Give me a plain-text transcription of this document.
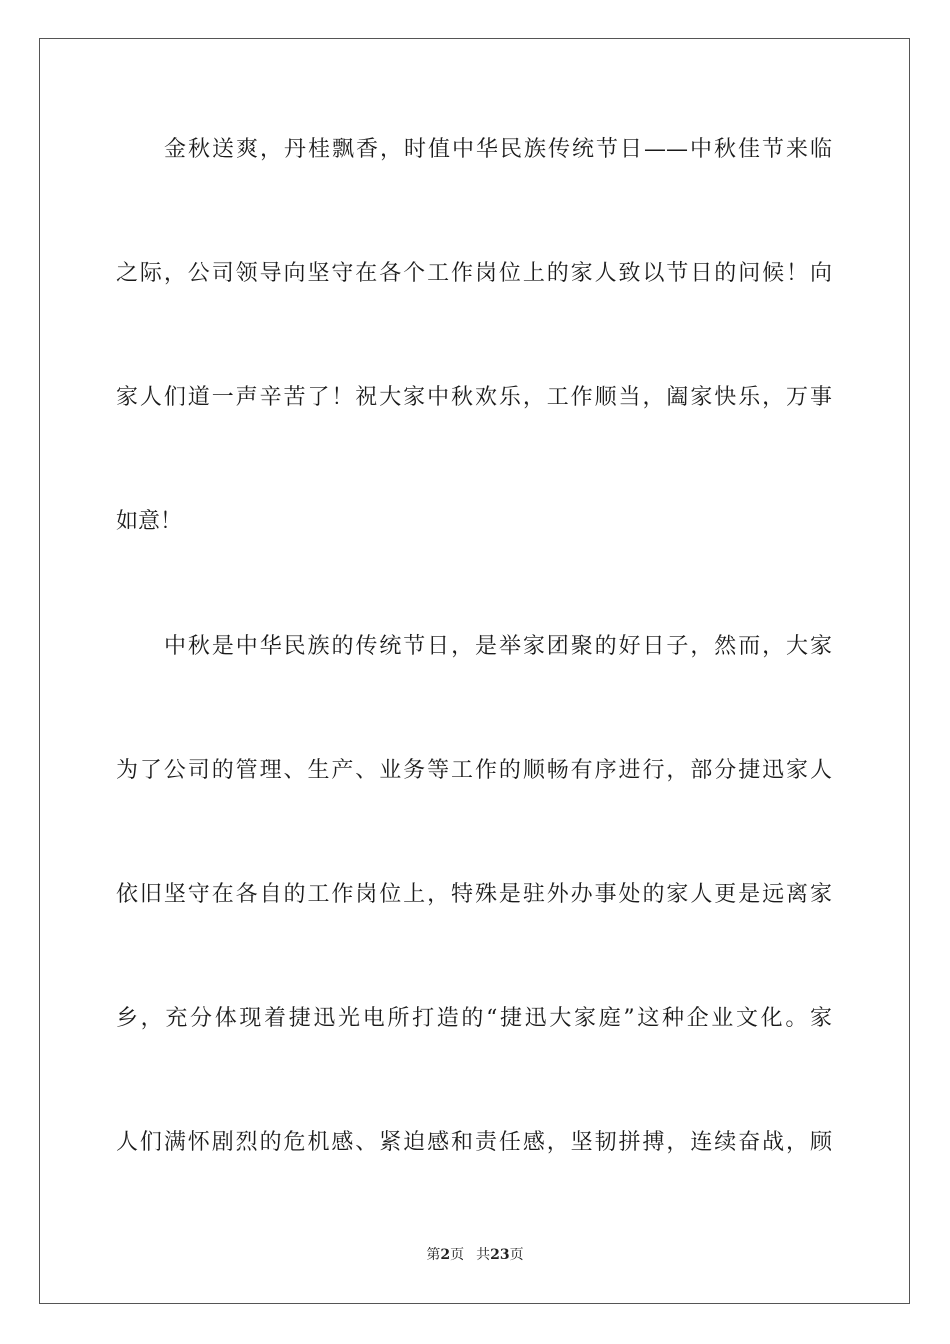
金秋送爽，丹桂飘香，时值中华民族传统节日——中秋佳节来临
之际，公司领导向坚守在各个工作岗位上的家人致以节日的问候！向
家人们道一声辛苦了！祝大家中秋欢乐，工作顺当，阖家快乐，万事
如意！
中秋是中华民族的传统节日，是举家团聚的好日子，然而，大家
为了公司的管理、生产、业务等工作的顺畅有序进行，部分捷迅家人
依旧坚守在各自的工作岗位上，特殊是驻外办事处的家人更是远离家
乡，充分体现着捷迅光电所打造的“捷迅大家庭”这种企业文化。家
人们满怀剧烈的危机感、紧迫感和责任感，坚韧拼搏，连续奋战，顾
第2页 共23页
